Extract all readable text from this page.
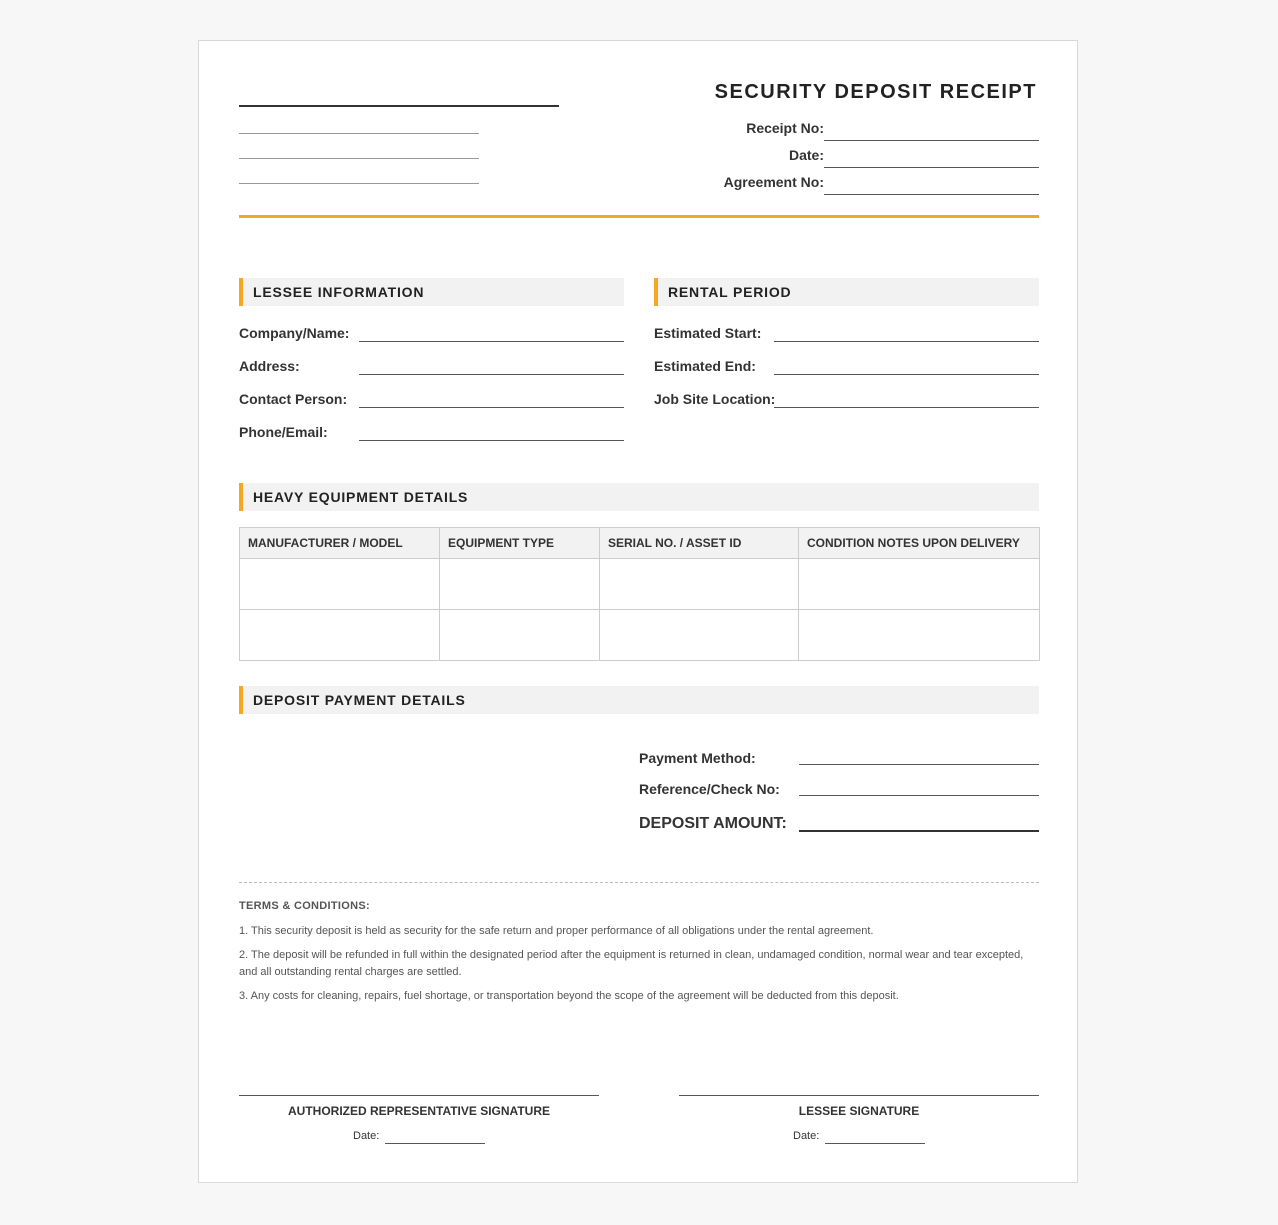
SECURITY DEPOSIT RECEIPT
Receipt No:
Date:
Agreement No:
LESSEE INFORMATION
Company/Name:
Address:
Contact Person:
Phone/Email:
RENTAL PERIOD
Estimated Start:
Estimated End:
Job Site Location:
HEAVY EQUIPMENT DETAILS
MANUFACTURER / MODEL	EQUIPMENT TYPE	SERIAL NO. / ASSET ID	CONDITION NOTES UPON DELIVERY

DEPOSIT PAYMENT DETAILS
Payment Method:
Reference/Check No:
DEPOSIT AMOUNT:
TERMS & CONDITIONS:
1. This security deposit is held as security for the safe return and proper performance of all obligations under the rental agreement.
2. The deposit will be refunded in full within the designated period after the equipment is returned in clean, undamaged condition, normal wear and tear excepted, and all outstanding rental charges are settled.
3. Any costs for cleaning, repairs, fuel shortage, or transportation beyond the scope of the agreement will be deducted from this deposit.
AUTHORIZED REPRESENTATIVE SIGNATURE
Date:
LESSEE SIGNATURE
Date:
